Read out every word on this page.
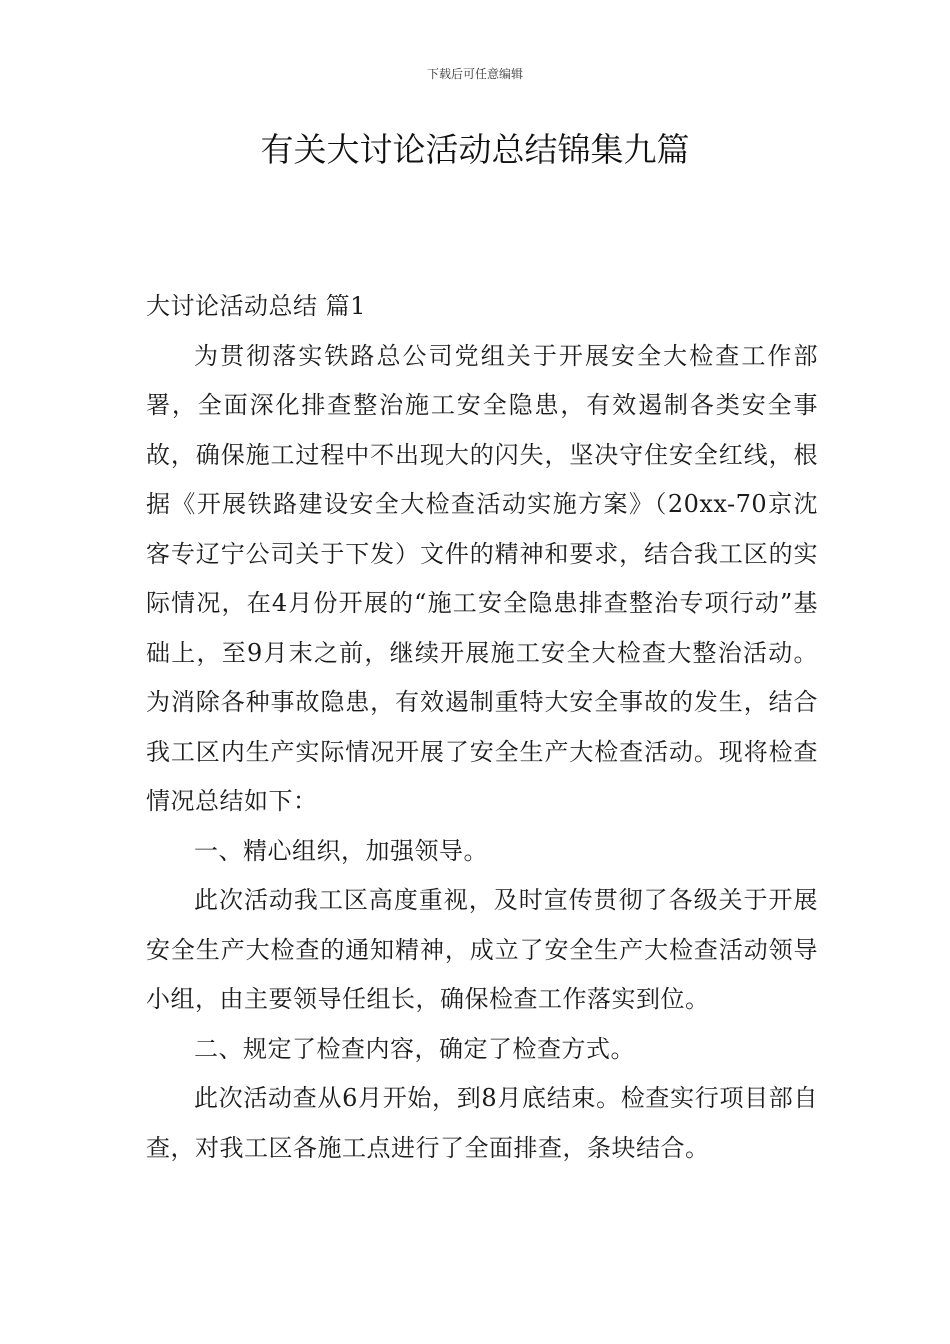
下载后可任意编辑
有关大讨论活动总结锦集九篇

大讨论活动总结 篇1

为贯彻落实铁路总公司党组关于开展安全大检查工作部署，全面深化排查整治施工安全隐患，有效遏制各类安全事故，确保施工过程中不出现大的闪失，坚决守住安全红线，根据《开展铁路建设安全大检查活动实施方案》（20xx-70京沈客专辽宁公司关于下发）文件的精神和要求，结合我工区的实际情况，在4月份开展的“施工安全隐患排查整治专项行动”基础上，至9月末之前，继续开展施工安全大检查大整治活动。为消除各种事故隐患，有效遏制重特大安全事故的发生，结合我工区内生产实际情况开展了安全生产大检查活动。现将检查情况总结如下：

一、精心组织，加强领导。

此次活动我工区高度重视，及时宣传贯彻了各级关于开展安全生产大检查的通知精神，成立了安全生产大检查活动领导小组，由主要领导任组长，确保检查工作落实到位。

二、规定了检查内容，确定了检查方式。

此次活动查从6月开始，到8月底结束。检查实行项目部自查，对我工区各施工点进行了全面排查，条块结合。
